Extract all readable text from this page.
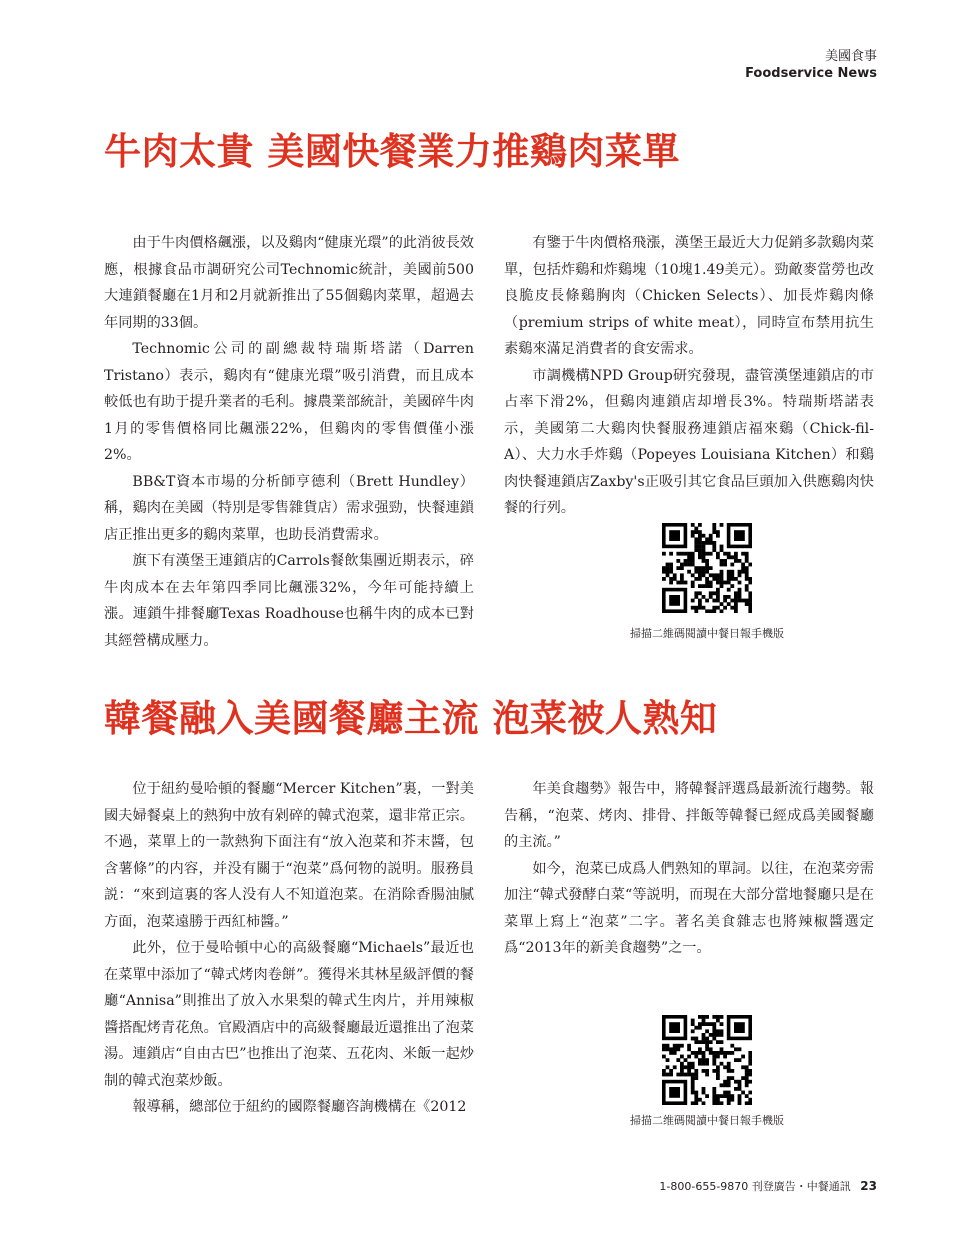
美國食事
Foodservice News
牛肉太貴 美國快餐業力推鷄肉菜單

由于牛肉價格飆漲，以及鷄肉“健康光環”的此消彼長效應，根據食品市調研究公司Technomic統計，美國前500大連鎖餐廳在1月和2月就新推出了55個鷄肉菜單，超過去年同期的33個。

Technomic公司的副總裁特瑞斯塔諾（Darren Tristano）表示，鷄肉有“健康光環”吸引消費，而且成本較低也有助于提升業者的毛利。據農業部統計，美國碎牛肉1月的零售價格同比飆漲22%，但鷄肉的零售價僅小漲2%。

BB&T資本市場的分析師亨德利（Brett Hundley）稱，鷄肉在美國（特別是零售雜貨店）需求强勁，快餐連鎖店正推出更多的鷄肉菜單，也助長消費需求。

旗下有漢堡王連鎖店的Carrols餐飲集團近期表示，碎牛肉成本在去年第四季同比飆漲32%，今年可能持續上漲。連鎖牛排餐廳Texas Roadhouse也稱牛肉的成本已對其經營構成壓力。

有鑒于牛肉價格飛漲，漢堡王最近大力促銷多款鷄肉菜單，包括炸鷄和炸鷄塊（10塊1.49美元）。勁敵麥當勞也改良脆皮長條鷄胸肉（Chicken Selects）、加長炸鷄肉條（premium strips of white meat），同時宣布禁用抗生素鷄來滿足消費者的食安需求。

市調機構NPD Group研究發現，盡管漢堡連鎖店的市占率下滑2%，但鷄肉連鎖店却增長3%。特瑞斯塔諾表示，美國第二大鷄肉快餐服務連鎖店福來鷄（Chick-fil-A）、大力水手炸鷄（Popeyes Louisiana Kitchen）和鷄肉快餐連鎖店Zaxby's正吸引其它食品巨頭加入供應鷄肉快餐的行列。

掃描二維碼閱讀中餐日報手機版
韓餐融入美國餐廳主流 泡菜被人熟知

位于紐約曼哈頓的餐廳“Mercer Kitchen”裏，一對美國夫婦餐桌上的熱狗中放有剁碎的韓式泡菜，還非常正宗。不過，菜單上的一款熱狗下面注有“放入泡菜和芥末醬，包含薯條”的内容，并没有關于“泡菜”爲何物的説明。服務員説：“來到這裏的客人没有人不知道泡菜。在消除香腸油膩方面，泡菜遠勝于西紅柿醬。”

此外，位于曼哈頓中心的高級餐廳“Michaels”最近也在菜單中添加了“韓式烤肉卷餅”。獲得米其林星級評價的餐廳“Annisa”則推出了放入水果梨的韓式生肉片，并用辣椒醬搭配烤青花魚。官殿酒店中的高級餐廳最近還推出了泡菜湯。連鎖店“自由古巴”也推出了泡菜、五花肉、米飯一起炒制的韓式泡菜炒飯。

報導稱，總部位于紐約的國際餐廳咨詢機構在《2012

年美食趨勢》報告中，將韓餐評選爲最新流行趨勢。報告稱，“泡菜、烤肉、排骨、拌飯等韓餐已經成爲美國餐廳的主流。”

如今，泡菜已成爲人們熟知的單詞。以往，在泡菜旁需加注“韓式發酵白菜“等説明，而現在大部分當地餐廳只是在菜單上寫上“泡菜”二字。著名美食雜志也將辣椒醬選定爲“2013年的新美食趨勢”之一。

掃描二维碼閱讀中餐日報手機版
1-800-655-9870 刊登廣告・中餐通訊 23
